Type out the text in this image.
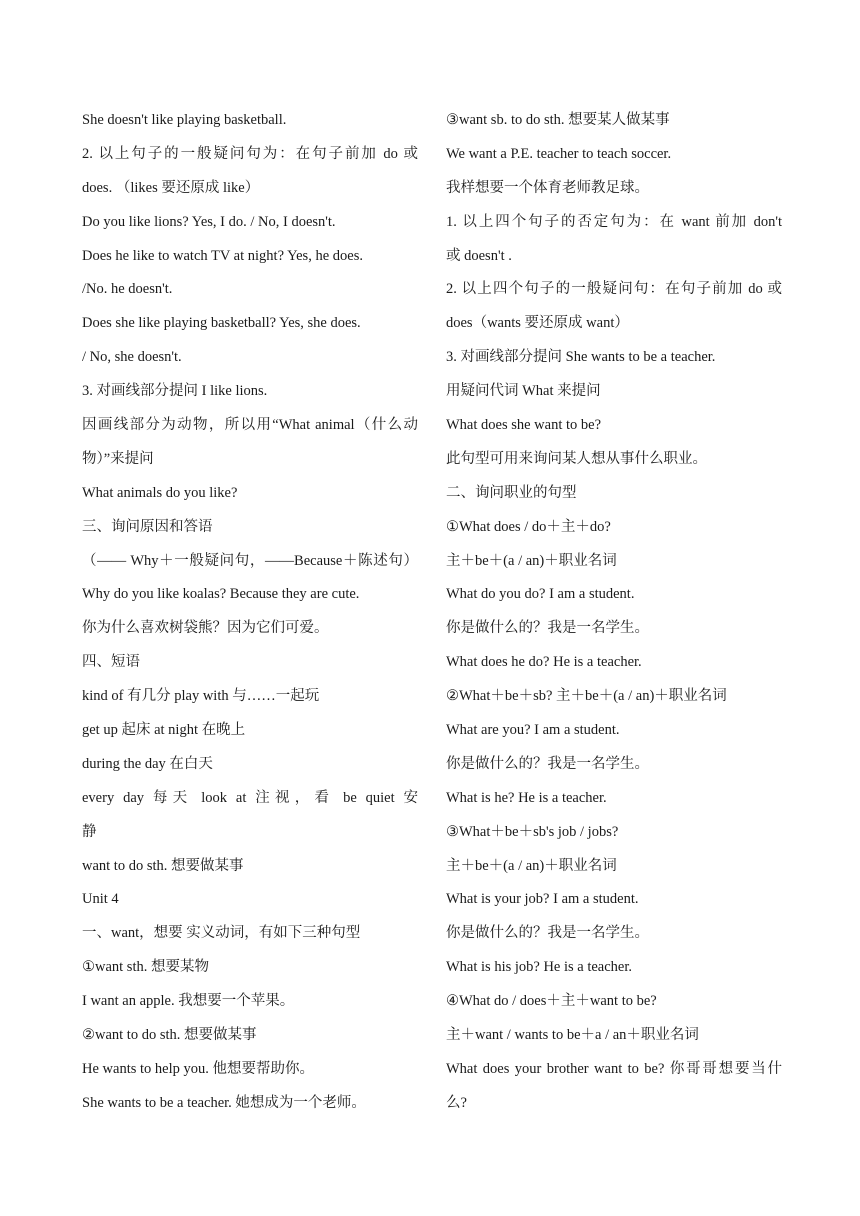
She doesn't like playing basketball.
2. 以上句子的一般疑问句为：在句子前加 do 或
does. （likes 要还原成 like）
Do you like lions? Yes, I do. / No, I doesn't.
Does he like to watch TV at night? Yes, he does.
/No. he doesn't.
Does she like playing basketball? Yes, she does.
/ No, she doesn't.
3. 对画线部分提问 I like lions.
因画线部分为动物，所以用“What animal（什么动
物）”来提问
What animals do you like?
三、询问原因和答语
（—— Why＋一般疑问句，——Because＋陈述句）
Why do you like koalas? Because they are cute.
你为什么喜欢树袋熊？因为它们可爱。
四、短语
kind of 有几分 play with 与……一起玩
get up 起床 at night 在晚上
during the day 在白天
every day 每天 look at 注视，看 be quiet 安
静
want to do sth. 想要做某事
Unit 4
一、want，想要 实义动词，有如下三种句型
①want sth. 想要某物
I want an apple. 我想要一个苹果。
②want to do sth. 想要做某事
He wants to help you. 他想要帮助你。
She wants to be a teacher. 她想成为一个老师。
③want sb. to do sth. 想要某人做某事
We want a P.E. teacher to teach soccer.
我样想要一个体育老师教足球。
1. 以上四个句子的否定句为：在 want 前加 don't
或 doesn't .
2. 以上四个句子的一般疑问句：在句子前加 do 或
does（wants 要还原成 want）
3. 对画线部分提问 She wants to be a teacher.
用疑问代词 What 来提问
What does she want to be?
此句型可用来询问某人想从事什么职业。
二、询问职业的句型
①What does / do＋主＋do?
主＋be＋(a / an)＋职业名词
What do you do? I am a student.
你是做什么的？我是一名学生。
What does he do? He is a teacher.
②What＋be＋sb? 主＋be＋(a / an)＋职业名词
What are you? I am a student.
你是做什么的？我是一名学生。
What is he? He is a teacher.
③What＋be＋sb's job / jobs?
主＋be＋(a / an)＋职业名词
What is your job? I am a student.
你是做什么的？我是一名学生。
What is his job? He is a teacher.
④What do / does＋主＋want to be?
主＋want / wants to be＋a / an＋职业名词
What does your brother want to be? 你哥哥想要当什
么?
